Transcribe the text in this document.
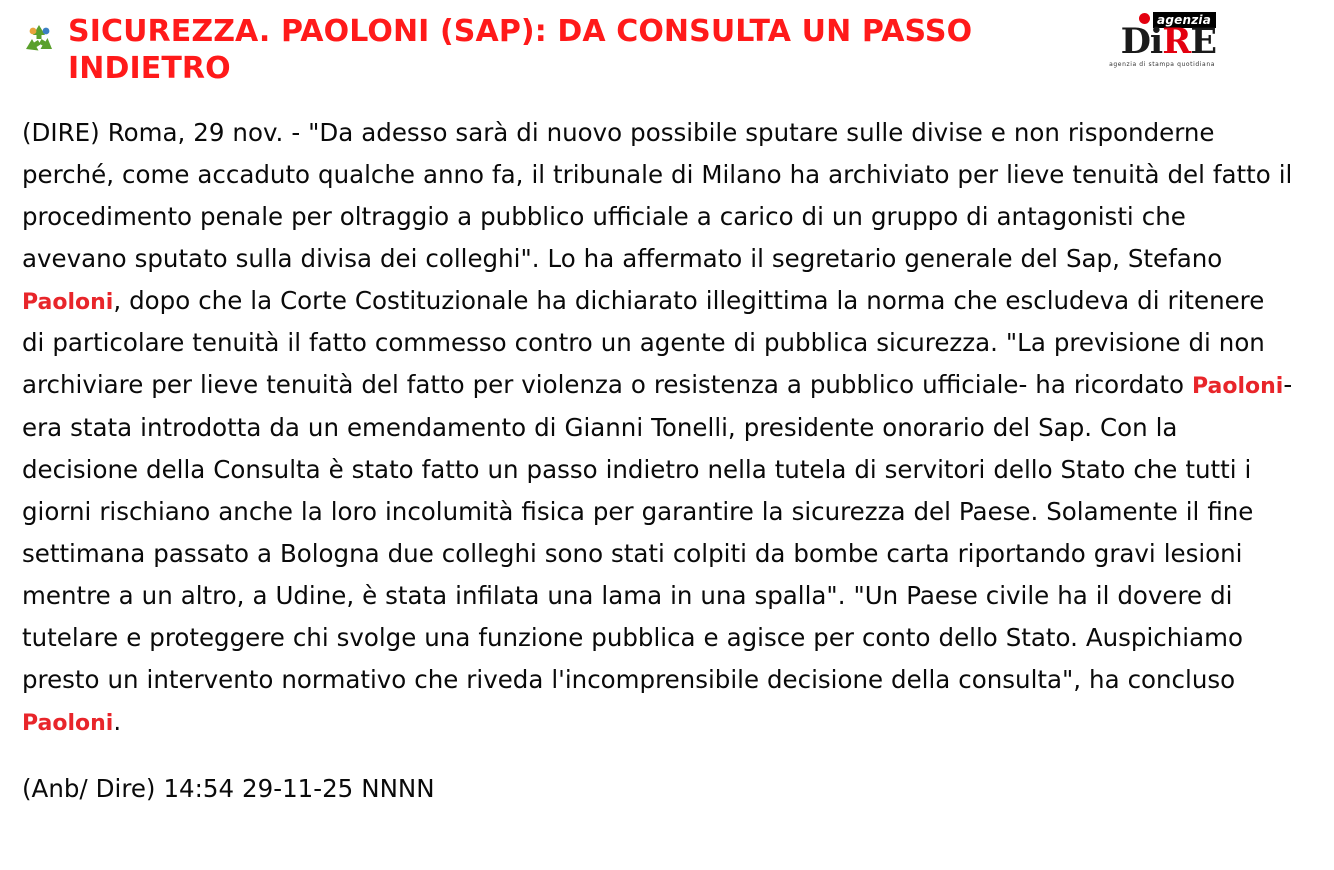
SICUREZZA. PAOLONI (SAP): DA CONSULTA UN PASSO INDIETRO
agenzia
DiRE
agenzia di stampa quotidiana

(DIRE) Roma, 29 nov. - "Da adesso sarà di nuovo possibile sputare sulle divise e non risponderne perché, come accaduto qualche anno fa, il tribunale di Milano ha archiviato per lieve tenuità del fatto il procedimento penale per oltraggio a pubblico ufficiale a carico di un gruppo di antagonisti che avevano sputato sulla divisa dei colleghi". Lo ha affermato il segretario generale del Sap, Stefano Paoloni, dopo che la Corte Costituzionale ha dichiarato illegittima la norma che escludeva di ritenere di particolare tenuità il fatto commesso contro un agente di pubblica sicurezza. "La previsione di non archiviare per lieve tenuità del fatto per violenza o resistenza a pubblico ufficiale- ha ricordato Paoloni- era stata introdotta da un emendamento di Gianni Tonelli, presidente onorario del Sap. Con la decisione della Consulta è stato fatto un passo indietro nella tutela di servitori dello Stato che tutti i giorni rischiano anche la loro incolumità fisica per garantire la sicurezza del Paese. Solamente il fine settimana passato a Bologna due colleghi sono stati colpiti da bombe carta riportando gravi lesioni mentre a un altro, a Udine, è stata infilata una lama in una spalla". "Un Paese civile ha il dovere di tutelare e proteggere chi svolge una funzione pubblica e agisce per conto dello Stato. Auspichiamo presto un intervento normativo che riveda l'incomprensibile decisione della consulta", ha concluso Paoloni.

(Anb/ Dire) 14:54 29-11-25 NNNN
